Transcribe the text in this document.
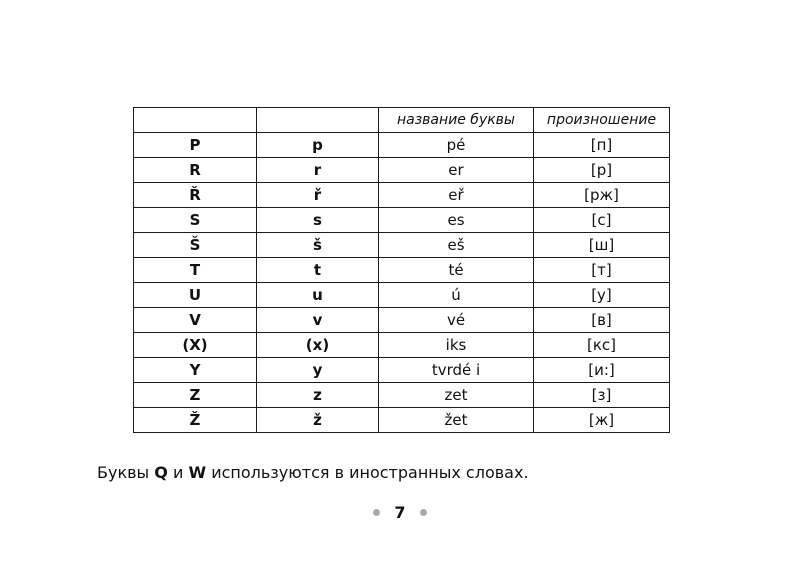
		название буквы	произношение
P	p	pé	[п]
R	r	er	[р]
Ř	ř	eř	[рж]
S	s	es	[с]
Š	š	eš	[ш]
T	t	té	[т]
U	u	ú	[у]
V	v	vé	[в]
(X)	(x)	iks	[кс]
Y	y	tvrdé i	[и:]
Z	z	zet	[з]
Ž	ž	žet	[ж]
Буквы Q и W используются в иностранных словах.
7
